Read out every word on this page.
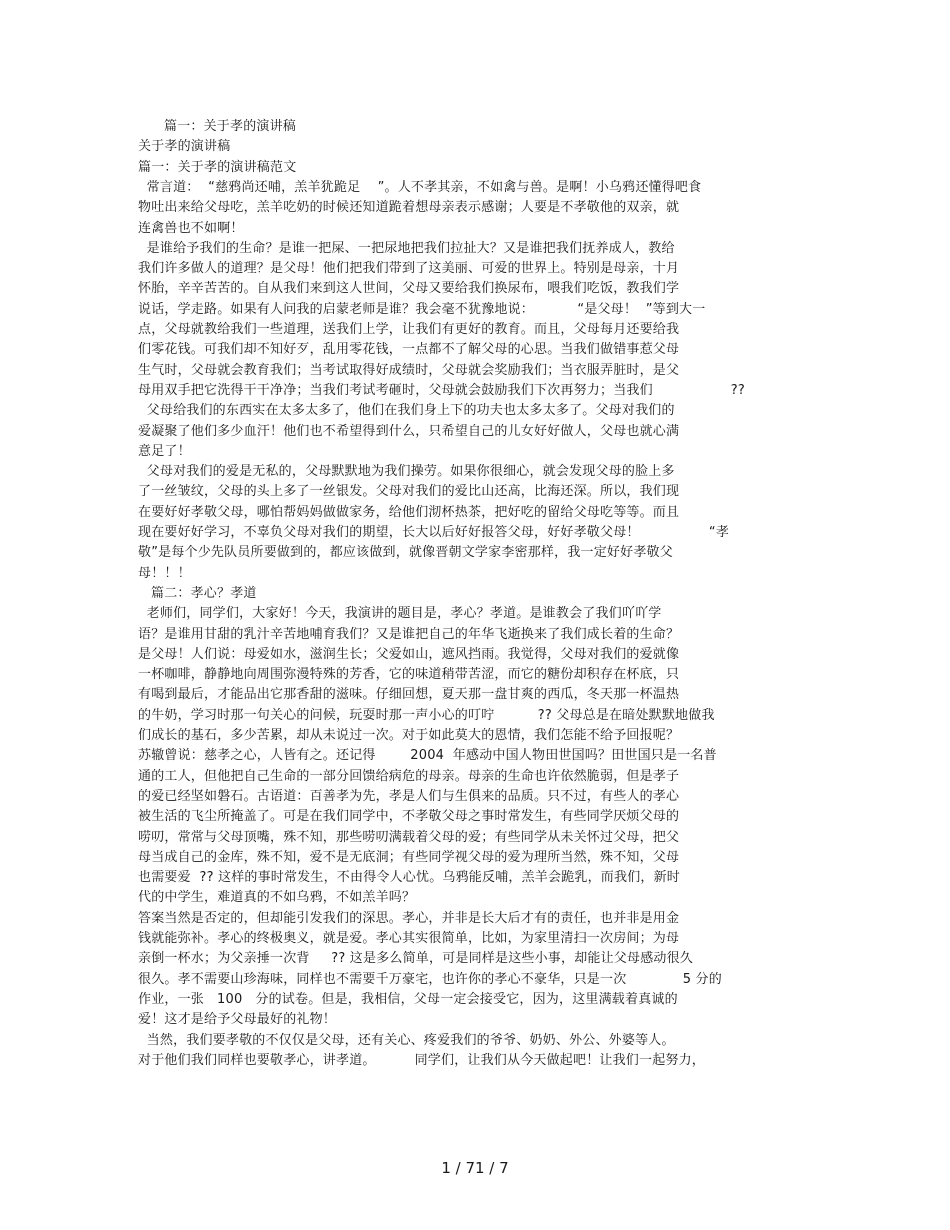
篇一：关于孝的演讲稿
关于孝的演讲稿
篇一：关于孝的演讲稿范文
常言道：  “慈鸦尚还哺，羔羊犹跪足    ”。人不孝其亲，不如禽与兽。是啊！小乌鸦还懂得吧食
物吐出来给父母吃，羔羊吃奶的时候还知道跪着想母亲表示感谢；人要是不孝敬他的双亲，就
连禽兽也不如啊！
是谁给予我们的生命？是谁一把屎、一把尿地把我们拉扯大？又是谁把我们抚养成人，教给
我们许多做人的道理？是父母！他们把我们带到了这美丽、可爱的世界上。特别是母亲，十月
怀胎，辛辛苦苦的。自从我们来到这人世间，父母又要给我们换尿布，喂我们吃饭，教我们学
说话，学走路。如果有人问我的启蒙老师是谁？我会毫不犹豫地说：          “是父母！  ”等到大一
点，父母就教给我们一些道理，送我们上学，让我们有更好的教育。而且，父母每月还要给我
们零花钱。可我们却不知好歹，乱用零花钱，一点都不了解父母的心思。当我们做错事惹父母
生气时，父母就会教育我们；当考试取得好成绩时，父母就会奖励我们；当衣服弄脏时，是父
母用双手把它洗得干干净净；当我们考试考砸时，父母就会鼓励我们下次再努力；当我们                  ??
父母给我们的东西实在太多太多了，他们在我们身上下的功夫也太多太多了。父母对我们的
爱凝聚了他们多少血汗！他们也不希望得到什么，只希望自己的儿女好好做人，父母也就心满
意足了！
父母对我们的爱是无私的，父母默默地为我们操劳。如果你很细心，就会发现父母的脸上多
了一丝皱纹，父母的头上多了一丝银发。父母对我们的爱比山还高，比海还深。所以，我们现
在要好好孝敬父母，哪怕帮妈妈做做家务，给他们沏杯热茶，把好吃的留给父母吃等等。而且
现在要好好学习，不辜负父母对我们的期望，长大以后好好报答父母，好好孝敬父母！                “孝
敬”是每个少先队员所要做到的，都应该做到，就像晋朝文学家李密那样，我一定好好孝敬父
母！！！
篇二：孝心？孝道
老师们，同学们，大家好！今天，我演讲的题目是，孝心？孝道。是谁教会了我们吖吖学
语？是谁用甘甜的乳汁辛苦地哺育我们？又是谁把自己的年华飞逝换来了我们成长着的生命？
是父母！人们说：母爱如水，滋润生长；父爱如山，遮风挡雨。我觉得，父母对我们的爱就像
一杯咖啡，静静地向周围弥漫特殊的芳香，它的味道稍带苦涩，而它的糖份却积存在杯底，只
有喝到最后，才能品出它那香甜的滋味。仔细回想，夏天那一盘甘爽的西瓜，冬天那一杯温热
的牛奶，学习时那一句关心的问候，玩耍时那一声小心的叮咛          ?? 父母总是在暗处默默地做我
们成长的基石，多少苦累，却从未说过一次。对于如此莫大的恩情，我们怎能不给予回报呢？
苏辙曾说：慈孝之心，人皆有之。还记得        2004  年感动中国人物田世国吗？田世国只是一名普
通的工人，但他把自己生命的一部分回馈给病危的母亲。母亲的生命也许依然脆弱，但是孝子
的爱已经坚如磐石。古语道：百善孝为先，孝是人们与生俱来的品质。只不过，有些人的孝心
被生活的飞尘所掩盖了。可是在我们同学中，不孝敬父母之事时常发生，有些同学厌烦父母的
唠叨，常常与父母顶嘴，殊不知，那些唠叨满载着父母的爱；有些同学从未关怀过父母，把父
母当成自己的金库，殊不知，爱不是无底洞；有些同学视父母的爱为理所当然，殊不知，父母
也需要爱  ?? 这样的事时常发生，不由得令人心忧。乌鸦能反哺，羔羊会跪乳，而我们，新时
代的中学生，难道真的不如乌鸦，不如羔羊吗？
答案当然是否定的，但却能引发我们的深思。孝心，并非是长大后才有的责任，也并非是用金
钱就能弥补。孝心的终极奥义，就是爱。孝心其实很简单，比如，为家里清扫一次房间；为母
亲倒一杯水；为父亲捶一次背     ?? 这是多么简单，可是同样是这些小事，却能让父母感动很久
很久。孝不需要山珍海味，同样也不需要千万豪宅，也许你的孝心不豪华，只是一次             5 分的
作业，一张   100   分的试卷。但是，我相信，父母一定会接受它，因为，这里满载着真诚的
爱！这才是给予父母最好的礼物！
当然，我们要孝敬的不仅仅是父母，还有关心、疼爱我们的爷爷、奶奶、外公、外婆等人。
对于他们我们同样也要敬孝心，讲孝道。         同学们，让我们从今天做起吧！让我们一起努力，
1 / 71 / 7
